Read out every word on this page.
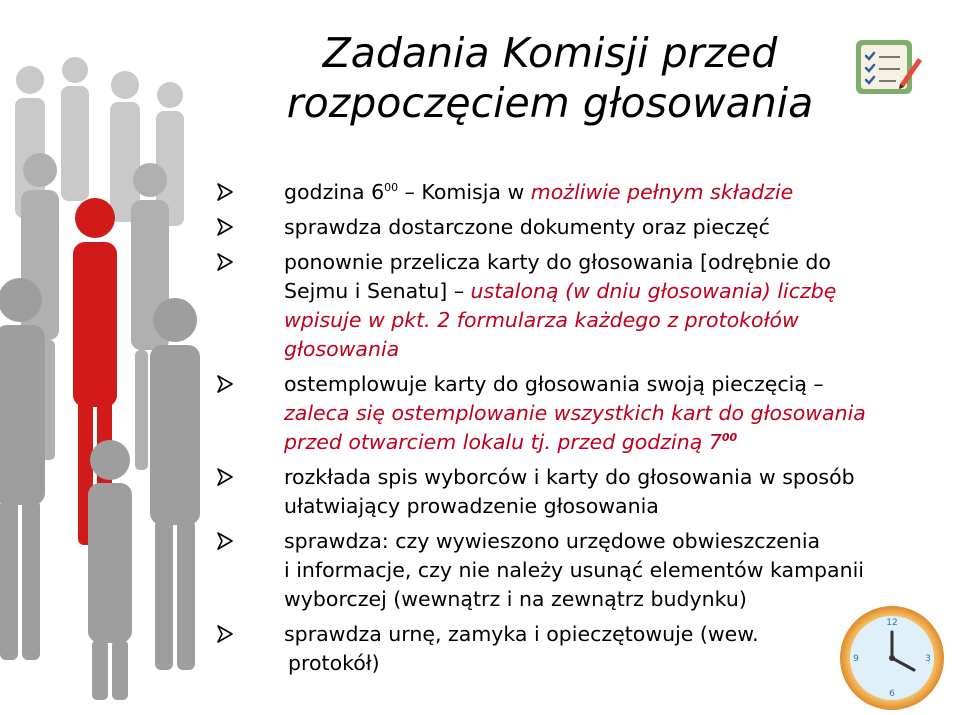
Zadania Komisji przed
rozpoczęciem głosowania
godzina $6^{00}$ – Komisja w możliwie pełnym składzie
sprawdza dostarczone dokumenty oraz pieczęć
ponownie przelicza karty do głosowania [odrębnie do
Sejmu i Senatu] – ustaloną (w dniu głosowania) liczbę
wpisuje w pkt. 2 formularza każdego z protokołów
głosowania
ostemplowuje karty do głosowania swoją pieczęcią –
zaleca się ostemplowanie wszystkich kart do głosowania
przed otwarciem lokalu tj. przed godziną $7^{00}$
rozkłada spis wyborców i karty do głosowania w sposób
ułatwiający prowadzenie głosowania
sprawdza: czy wywieszono urzędowe obwieszczenia
i informacje, czy nie należy usunąć elementów kampanii
wyborczej (wewnątrz i na zewnątrz budynku)
sprawdza urnę, zamyka i opieczętowuje (wew.
protokół)
12
3
6
9
